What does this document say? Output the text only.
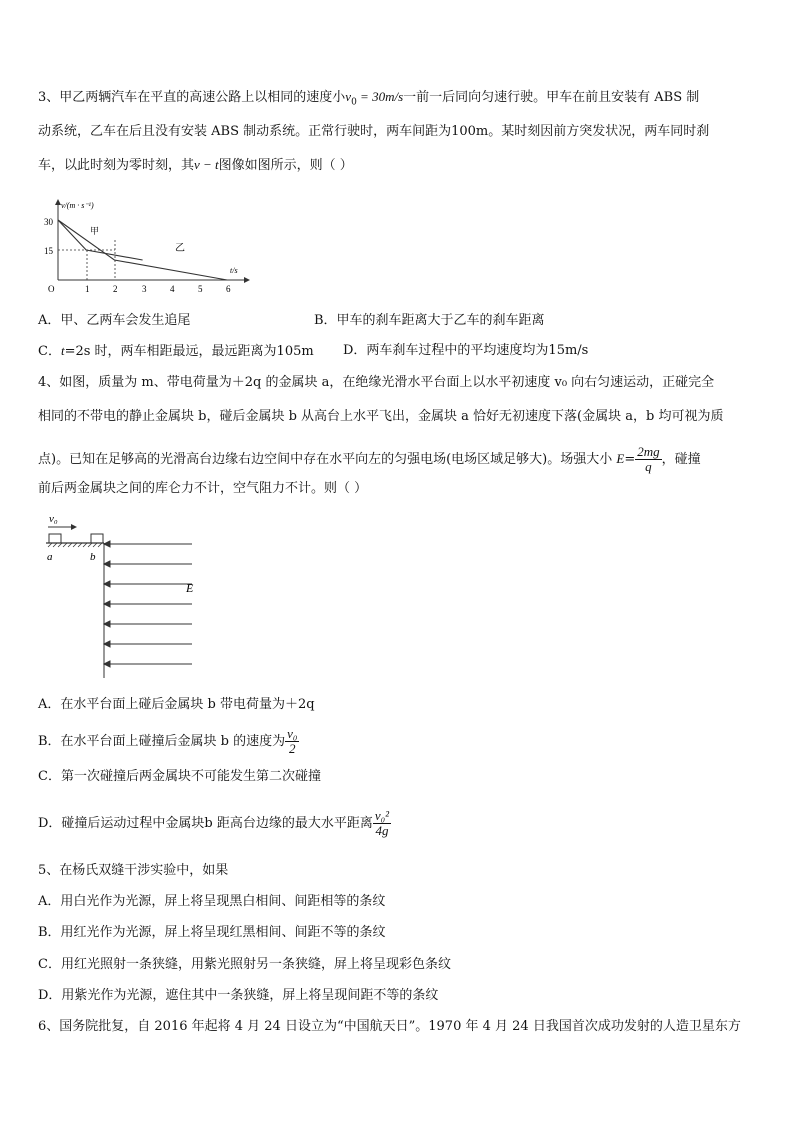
3、甲乙两辆汽车在平直的高速公路上以相同的速度小$v_0 = 30m/s$一前一后同向匀速行驶。甲车在前且安装有 ABS 制
动系统，乙车在后且没有安装 ABS 制动系统。正常行驶时，两车间距为100m。某时刻因前方突发状况，两车同时刹
车，以此时刻为零时刻，其v − t图像如图所示，则（ ）
v/(m · s⁻¹)
t/s
30
15
甲
乙
O	1	2	3	4	5	6
A．甲、乙两车会发生追尾	B．甲车的刹车距离大于乙车的刹车距离
C．t=2s 时，两车相距最远，最远距离为105m D．两车刹车过程中的平均速度均为15m/s
4、如图，质量为 m、带电荷量为＋2q 的金属块 a，在绝缘光滑水平台面上以水平初速度 v₀ 向右匀速运动，正碰完全
相同的不带电的静止金属块 b，碰后金属块 b 从高台上水平飞出，金属块 a 恰好无初速度下落(金属块 a，b 均可视为质
点)。已知在足够高的光滑高台边缘右边空间中存在水平向左的匀强电场(电场区域足够大)。场强大小 $E= \frac{2mg}{q}$ ，碰撞
前后两金属块之间的库仑力不计，空气阻力不计。则（ ）
v₀
a	b
E
A．在水平台面上碰后金属块 b 带电荷量为＋2q
B．在水平台面上碰撞后金属块 b 的速度为 $\frac{\text{v₀}}{2}$
C．第一次碰撞后两金属块不可能发生第二次碰撞
D．碰撞后运动过程中金属块b 距高台边缘的最大水平距离 $\frac{\text{v₀²}}{4g}$
5、在杨氏双缝干涉实验中，如果
A．用白光作为光源，屏上将呈现黑白相间、间距相等的条纹
B．用红光作为光源，屏上将呈现红黑相间、间距不等的条纹
C．用红光照射一条狭缝，用紫光照射另一条狭缝，屏上将呈现彩色条纹
D．用紫光作为光源，遮住其中一条狭缝，屏上将呈现间距不等的条纹
6、国务院批复，自 2016 年起将 4 月 24 日设立为“中国航天日”。1970 年 4 月 24 日我国首次成功发射的人造卫星东方
